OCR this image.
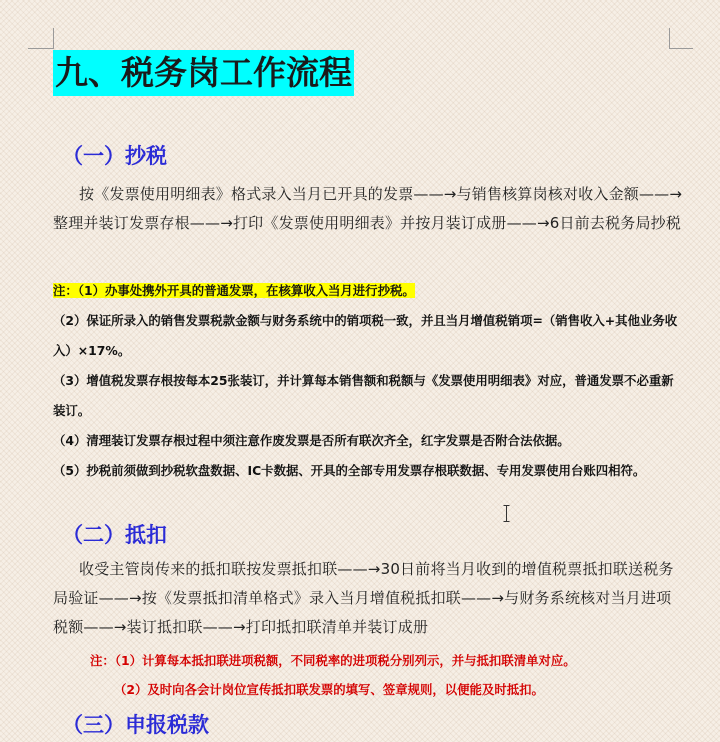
九、税务岗工作流程
（一）抄税
按《发票使用明细表》格式录入当月已开具的发票——→与销售核算岗核对收入金额——→整理并装订发票存根——→打印《发票使用明细表》并按月装订成册——→6日前去税务局抄税
注：（1）办事处携外开具的普通发票，在核算收入当月进行抄税。
（2）保证所录入的销售发票税款金额与财务系统中的销项税一致，并且当月增值税销项=（销售收入+其他业务收入）×17%。
（3）增值税发票存根按每本25张装订，并计算每本销售额和税额与《发票使用明细表》对应，普通发票不必重新装订。
（4）清理装订发票存根过程中须注意作废发票是否所有联次齐全，红字发票是否附合法依据。
（5）抄税前须做到抄税软盘数据、IC卡数据、开具的全部专用发票存根联数据、专用发票使用台账四相符。
（二）抵扣
收受主管岗传来的抵扣联按发票抵扣联——→30日前将当月收到的增值税票抵扣联送税务局验证——→按《发票抵扣清单格式》录入当月增值税抵扣联——→与财务系统核对当月进项税额——→装订抵扣联——→打印抵扣联清单并装订成册
注：（1）计算每本抵扣联进项税额，不同税率的进项税分别列示，并与抵扣联清单对应。
（2）及时向各会计岗位宣传抵扣联发票的填写、签章规则，以便能及时抵扣。
（三）申报税款
